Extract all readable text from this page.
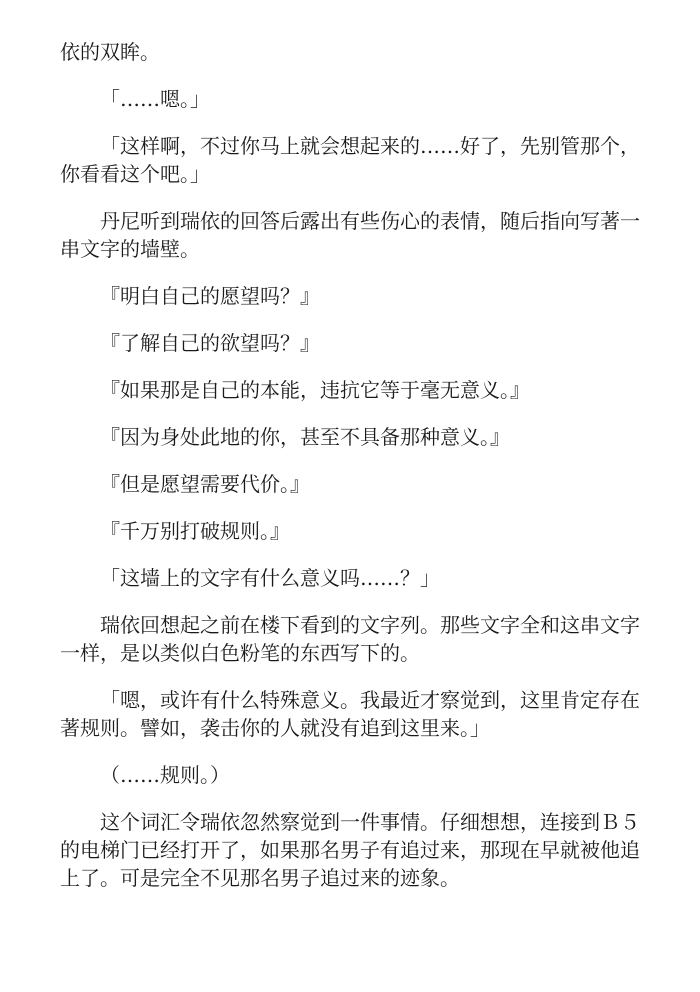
依的双眸。

「……嗯。」

「这样啊，不过你马上就会想起来的……好了，先别管那个，你看看这个吧。」

丹尼听到瑞依的回答后露出有些伤心的表情，随后指向写著一串文字的墙壁。

『明白自己的愿望吗？』

『了解自己的欲望吗？』

『如果那是自己的本能，违抗它等于毫无意义。』

『因为身处此地的你，甚至不具备那种意义。』

『但是愿望需要代价。』

『千万别打破规则。』

「这墙上的文字有什么意义吗……？」

瑞依回想起之前在楼下看到的文字列。那些文字全和这串文字一样，是以类似白色粉笔的东西写下的。

「嗯，或许有什么特殊意义。我最近才察觉到，这里肯定存在著规则。譬如，袭击你的人就没有追到这里来。」

（……规则。）

这个词汇令瑞依忽然察觉到一件事情。仔细想想，连接到Ｂ５的电梯门已经打开了，如果那名男子有追过来，那现在早就被他追上了。可是完全不见那名男子追过来的迹象。
